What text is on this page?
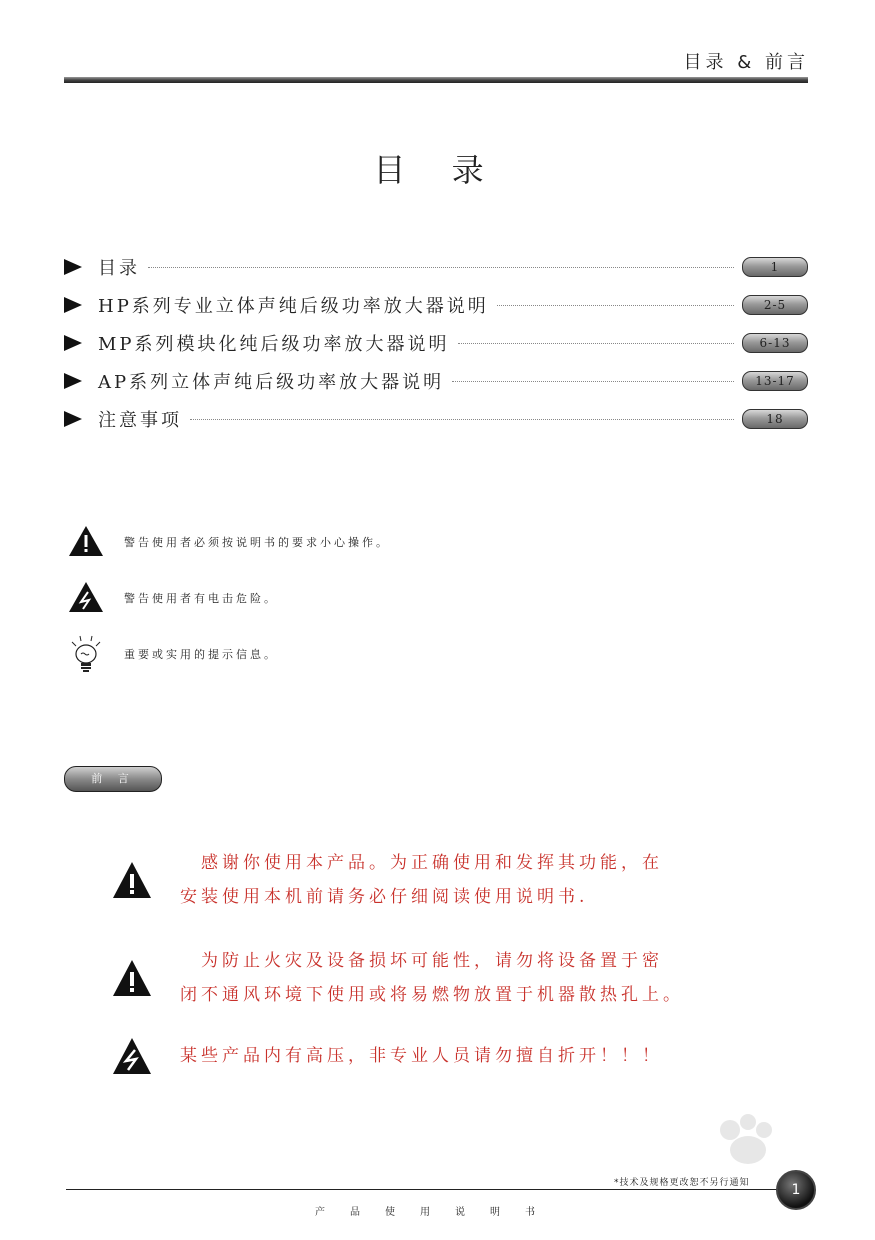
目录 & 前言
目 录
目录	1
HP系列专业立体声纯后级功率放大器说明	2-5
MP系列模块化纯后级功率放大器说明	6-13
AP系列立体声纯后级功率放大器说明	13-17
注意事项	18
警告使用者必须按说明书的要求小心操作。
警告使用者有电击危险。
重要或实用的提示信息。
前 言
　感谢你使用本产品。为正确使用和发挥其功能，在
安装使用本机前请务必仔细阅读使用说明书.
　为防止火灾及设备损坏可能性，请勿将设备置于密
闭不通风环境下使用或将易燃物放置于机器散热孔上。
某些产品内有高压，非专业人员请勿擅自折开！！！
*技术及规格更改恕不另行通知
产品使用说明书
1
